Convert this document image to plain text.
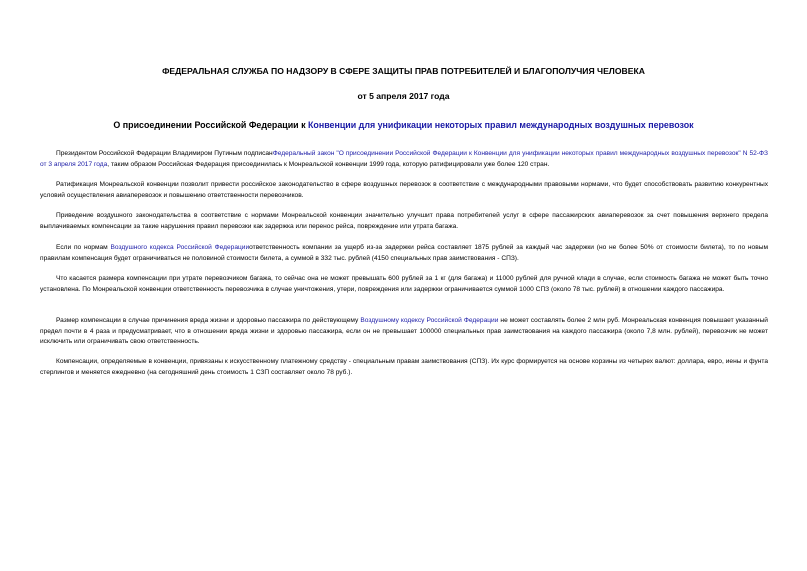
ФЕДЕРАЛЬНАЯ СЛУЖБА ПО НАДЗОРУ В СФЕРЕ ЗАЩИТЫ ПРАВ ПОТРЕБИТЕЛЕЙ И БЛАГОПОЛУЧИЯ ЧЕЛОВЕКА
от 5 апреля 2017 года
О присоединении Российской Федерации к Конвенции для унификации некоторых правил международных воздушных перевозок
Президентом Российской Федерации Владимиром Путиным подписанФедеральный закон "О присоединении Российской Федерации к Конвенции для унификации некоторых правил международных воздушных перевозок" N 52-ФЗ от 3 апреля 2017 года, таким образом Российская Федерация присоединилась к Монреальской конвенции 1999 года, которую ратифицировали уже более 120 стран.
Ратификация Монреальской конвенции позволит привести российское законодательство в сфере воздушных перевозок в соответствие с международными правовыми нормами, что будет способствовать развитию конкурентных условий осуществления авиаперевозок и повышению ответственности перевозчиков.
Приведение воздушного законодательства в соответствие с нормами Монреальской конвенции значительно улучшит права потребителей услуг в сфере пассажирских авиаперевозок за счет повышения верхнего предела выплачиваемых компенсации за такие нарушения правил перевозки как задержка или перенос рейса, повреждение или утрата багажа.
Если по нормам Воздушного кодекса Российской Федерацииответственность компании за ущерб из-за задержки рейса составляет 1875 рублей за каждый час задержки (но не более 50% от стоимости билета), то по новым правилам компенсация будет ограничиваться не половиной стоимости билета, а суммой в 332 тыс. рублей (4150 специальных прав заимствования - СПЗ).
Что касается размера компенсации при утрате перевозчиком багажа, то сейчас она не может превышать 600 рублей за 1 кг (для багажа) и 11000 рублей для ручной клади в случае, если стоимость багажа не может быть точно установлена. По Монреальской конвенции ответственность перевозчика в случае уничтожения, утери, повреждения или задержки ограничивается суммой 1000 СПЗ (около 78 тыс. рублей) в отношении каждого пассажира.
Размер компенсации в случае причинения вреда жизни и здоровью пассажира по действующему Воздушному кодексу Российской Федерации не может составлять более 2 млн руб. Монреальская конвенция повышает указанный предел почти в 4 раза и предусматривает, что в отношении вреда жизни и здоровью пассажира, если он не превышает 100000 специальных прав заимствования на каждого пассажира (около 7,8 млн. рублей), перевозчик не может исключить или ограничивать свою ответственность.
Компенсации, определяемые в конвенции, привязаны к искусственному платежному средству - специальным правам заимствования (СПЗ). Их курс формируется на основе корзины из четырех валют: доллара, евро, иены и фунта стерлингов и меняется ежедневно (на сегодняшний день стоимость 1 СЗП составляет около 78 руб.).
